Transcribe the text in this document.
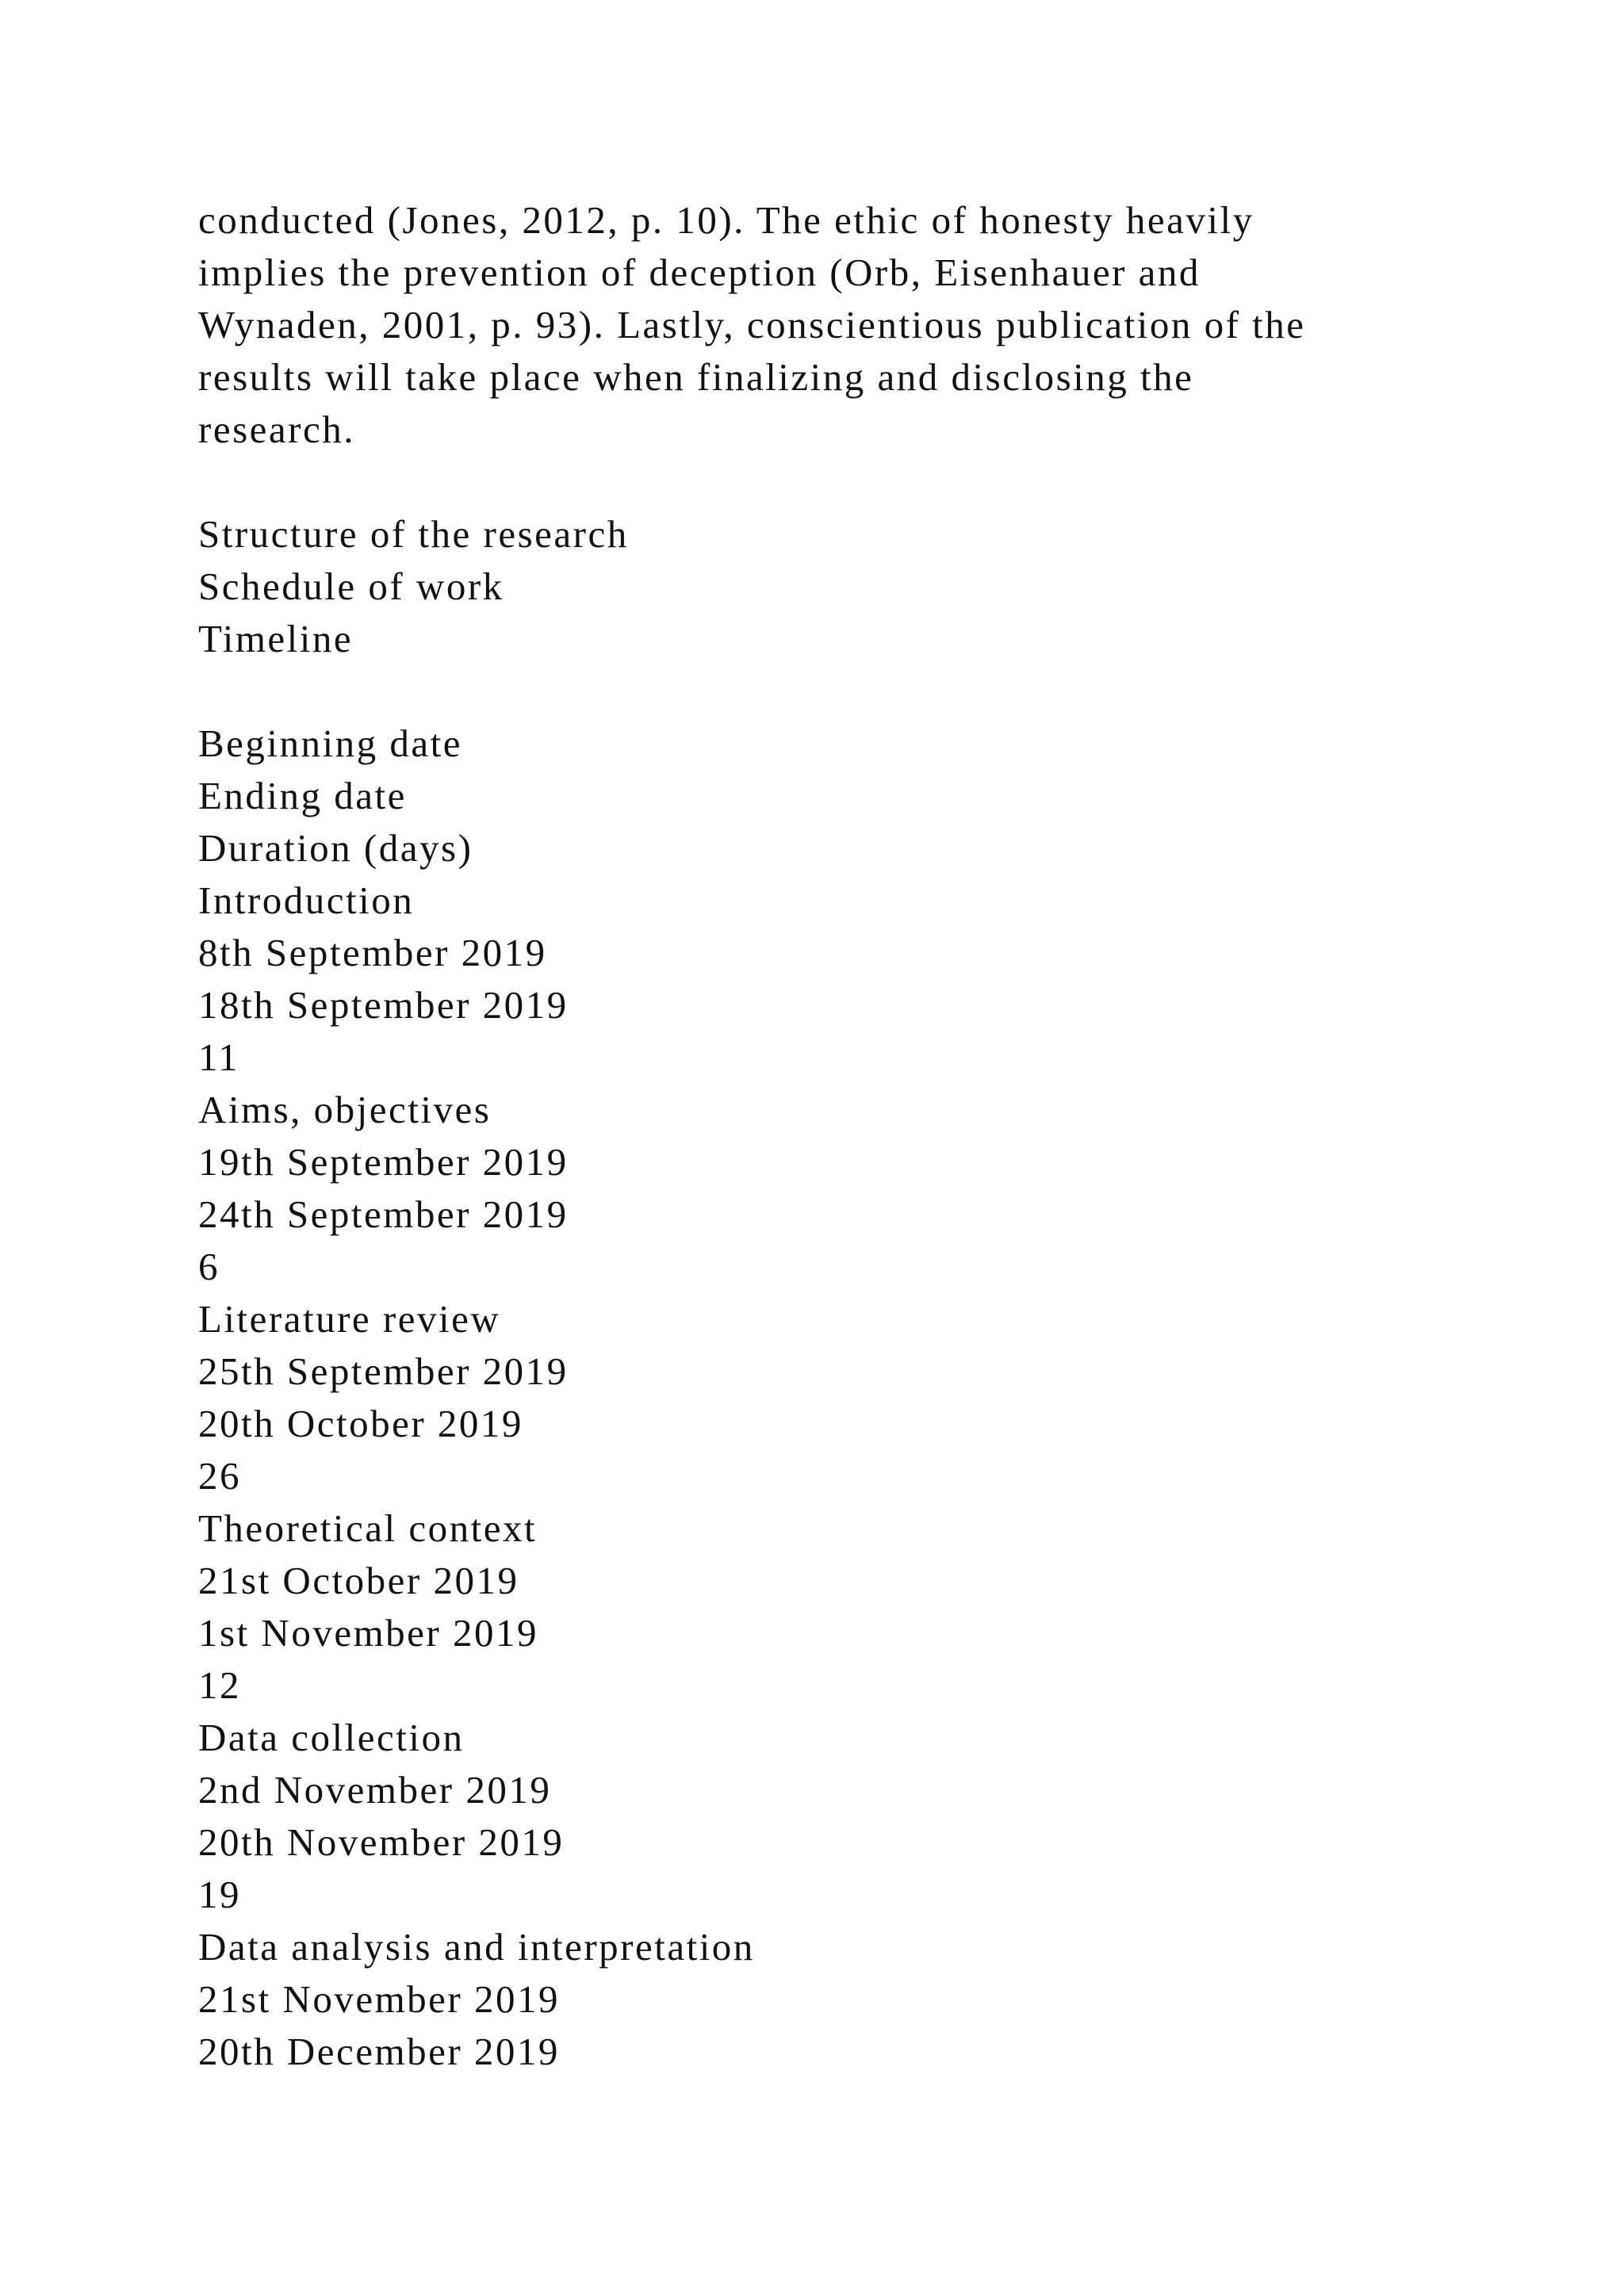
conducted (Jones, 2012, p. 10). The ethic of honesty heavily
implies the prevention of deception (Orb, Eisenhauer and
Wynaden, 2001, p. 93). Lastly, conscientious publication of the
results will take place when finalizing and disclosing the
research.
Structure of the research
Schedule of work
Timeline
Beginning date
Ending date
Duration (days)
Introduction
8th September 2019
18th September 2019
11
Aims, objectives
19th September 2019
24th September 2019
6
Literature review
25th September 2019
20th October 2019
26
Theoretical context
21st October 2019
1st November 2019
12
Data collection
2nd November 2019
20th November 2019
19
Data analysis and interpretation
21st November 2019
20th December 2019
